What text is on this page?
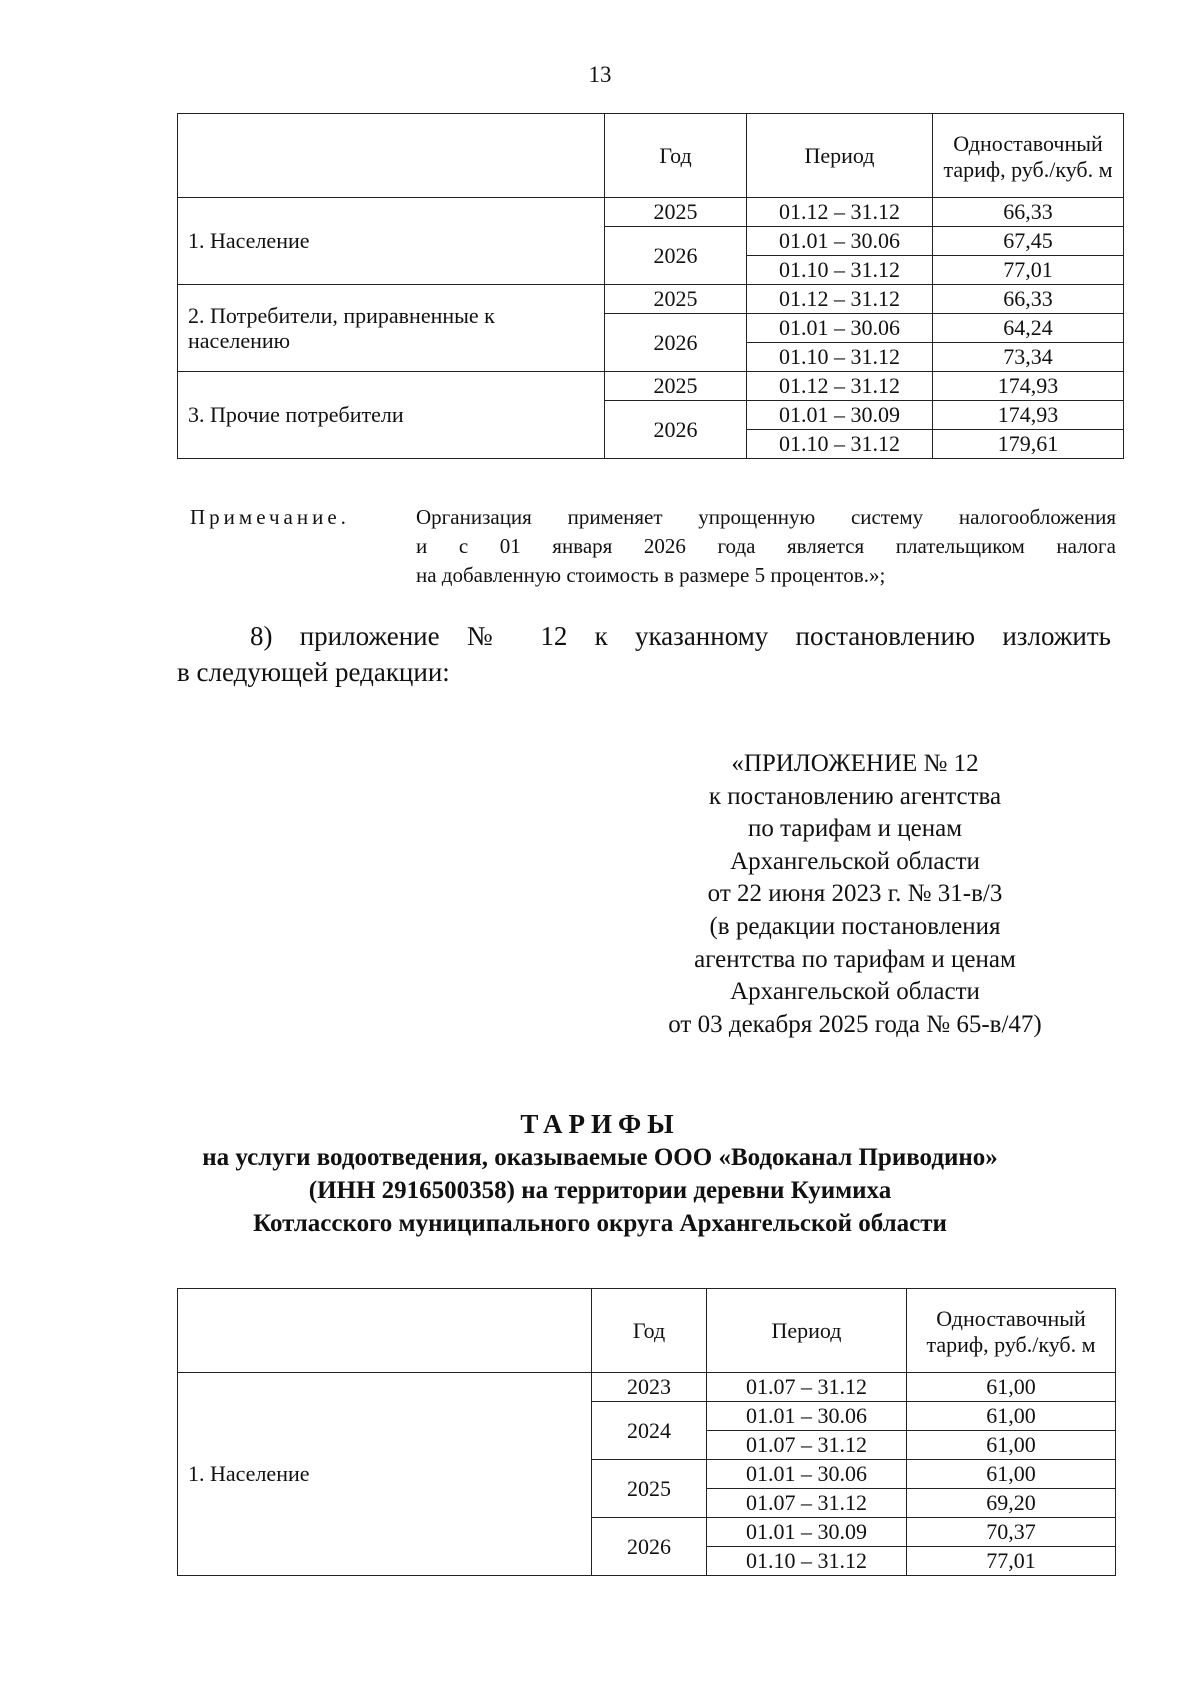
13
	Год	Период	Одноставочный тариф, руб./куб. м
1. Население	2025	01.12 – 31.12	66,33
	2026	01.01 – 30.06	67,45
		01.10 – 31.12	77,01
2. Потребители, приравненные к населению	2025	01.12 – 31.12	66,33
	2026	01.01 – 30.06	64,24
		01.10 – 31.12	73,34
3. Прочие потребители	2025	01.12 – 31.12	174,93
	2026	01.01 – 30.09	174,93
		01.10 – 31.12	179,61
Примечание.	Организация применяет упрощенную систему налогообложения
и с 01 января 2026 года является плательщиком налога
на добавленную стоимость в размере 5 процентов.»;
8) приложение № 12 к указанному постановлению изложить
в следующей редакции:
«ПРИЛОЖЕНИЕ № 12
к постановлению агентства
по тарифам и ценам
Архангельской области
от 22 июня 2023 г. № 31-в/3
(в редакции постановления
агентства по тарифам и ценам
Архангельской области
от 03 декабря 2025 года № 65-в/47)
ТАРИФЫ
на услуги водоотведения, оказываемые ООО «Водоканал Приводино»
(ИНН 2916500358) на территории деревни Куимиха
Котласского муниципального округа Архангельской области
	Год	Период	Одноставочный тариф, руб./куб. м
1. Население	2023	01.07 – 31.12	61,00
	2024	01.01 – 30.06	61,00
		01.07 – 31.12	61,00
	2025	01.01 – 30.06	61,00
		01.07 – 31.12	69,20
	2026	01.01 – 30.09	70,37
		01.10 – 31.12	77,01
